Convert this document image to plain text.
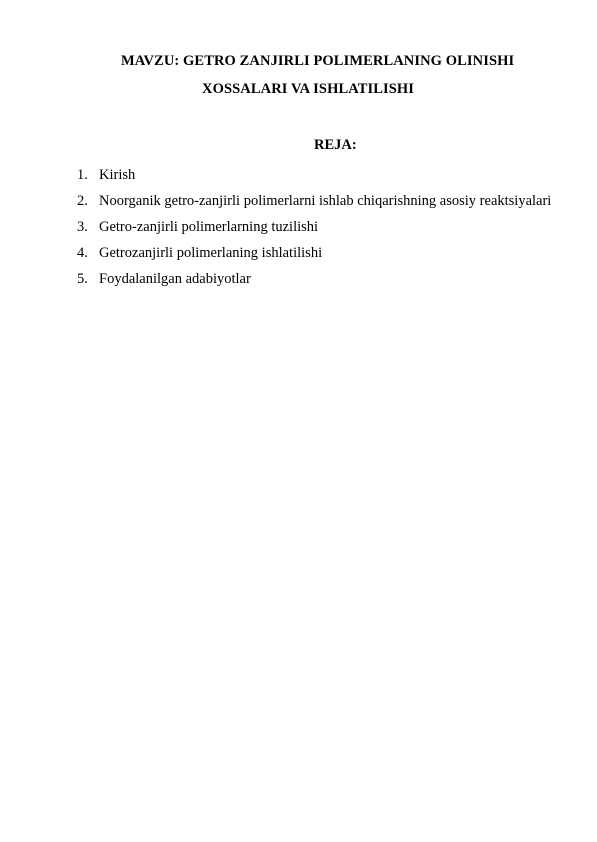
MAVZU: GETRO ZANJIRLI POLIMERLANING OLINISHI
XOSSALARI VA ISHLATILISHI
REJA:
1. Kirish
2. Noorganik getro-zanjirli polimerlarni ishlab chiqarishning asosiy reaktsiyalari
3. Getro-zanjirli polimerlarning tuzilishi
4. Getrozanjirli polimerlaning ishlatilishi
5. Foydalanilgan adabiyotlar
